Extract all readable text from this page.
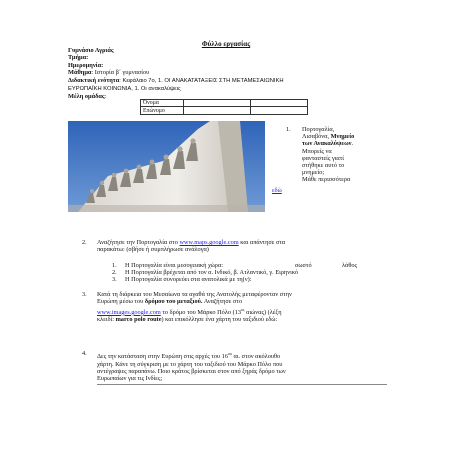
Φύλλο εργασίας
Γυμνάσιο Αγριάς
Τμήμα:
Ημερομηνία:
Μάθημα: Ιστορία β΄ γυμνασίου
Διδακτική ενότητα: Κεφάλαιο 7ο, 1. ΟΙ ΑΝΑΚΑΤΑΤΑΞΕΙΣ ΣΤΗ ΜΕΤΑΜΕΣΑΙΩΝΙΚΗ
ΕΥΡΩΠΑΪΚΗ ΚΟΙΝΩΝΙΑ, 1. Οι ανακαλύψεις
Μέλη ομάδας:
Όνομα		
Επώνυμο		
1. Πορτογαλία,
Λισαβόνα, Μνημείο
των Ανακαλύψεων.
Μπορείς να
φανταστείς γιατί
στήθηκε αυτό το
μνημείο;
Μάθε περισσότερα
εδώ
2. Αναζήτησε την Πορτογαλία στο www.maps.google.com και απάντησε στα
παρακάτω: (σβήσε ή συμπλήρωσε ανάλογα)
1.	Η Πορτογαλία είναι μεσογειακή χώρα:	σωστό	λάθος
2.	Η Πορτογαλία βρέχεται από τον α. Ινδικό, β. Ατλαντικό, γ. Ειρηνικό
3.	Η Πορτογαλία συνορεύει στα ανατολικά με τη(ν):
3. Κατά τη διάρκεια του Μεσαίωνα τα αγαθά της Ανατολής μεταφέρονταν στην
Ευρώπη μέσω του δρόμου του μεταξιού. Αναζήτησε στο
www.images.google.com το δρόμο του Μάρκο Πόλο ($13^{o\varsigma}$ αιώνας) (λέξη
κλειδί: marco polo route) και επικόλλησε ένα χάρτη του ταξιδιού εδώ:
4. Δες την κατάσταση στην Ευρώπη στις αρχές του $16^{o\upsilon}$ αι. στον ακόλουθο
χάρτη. Κάνε τη σύγκριση με το χάρτη του ταξιδιού του Μάρκο Πόλο που
αντέγραψες παραπάνω. Ποιο κράτος βρίσκεται στον από ξηράς δρόμο των
Ευρωπαίων για τις Ινδίες;
